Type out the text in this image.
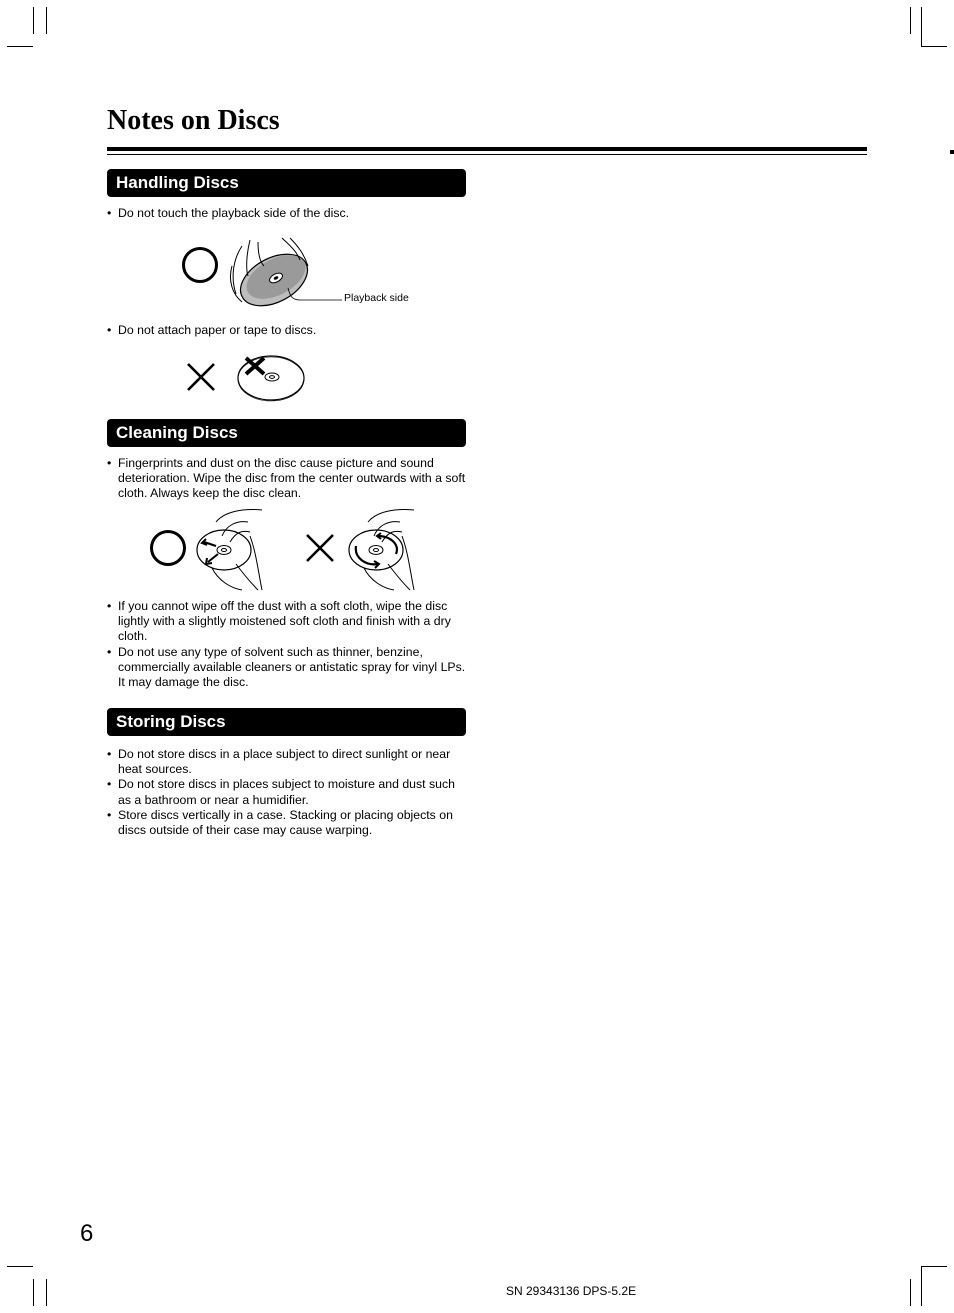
Notes on Discs
Handling Discs
• Do not touch the playback side of the disc.
Playback side
• Do not attach paper or tape to discs.
Cleaning Discs
• Fingerprints and dust on the disc cause picture and sound deterioration. Wipe the disc from the center outwards with a soft cloth. Always keep the disc clean.
• If you cannot wipe off the dust with a soft cloth, wipe the disc lightly with a slightly moistened soft cloth and finish with a dry cloth.
• Do not use any type of solvent such as thinner, benzine, commercially available cleaners or antistatic spray for vinyl LPs. It may damage the disc.
Storing Discs
• Do not store discs in a place subject to direct sunlight or near heat sources.
• Do not store discs in places subject to moisture and dust such as a bathroom or near a humidifier.
• Store discs vertically in a case. Stacking or placing objects on discs outside of their case may cause warping.
6
SN 29343136 DPS-5.2E
